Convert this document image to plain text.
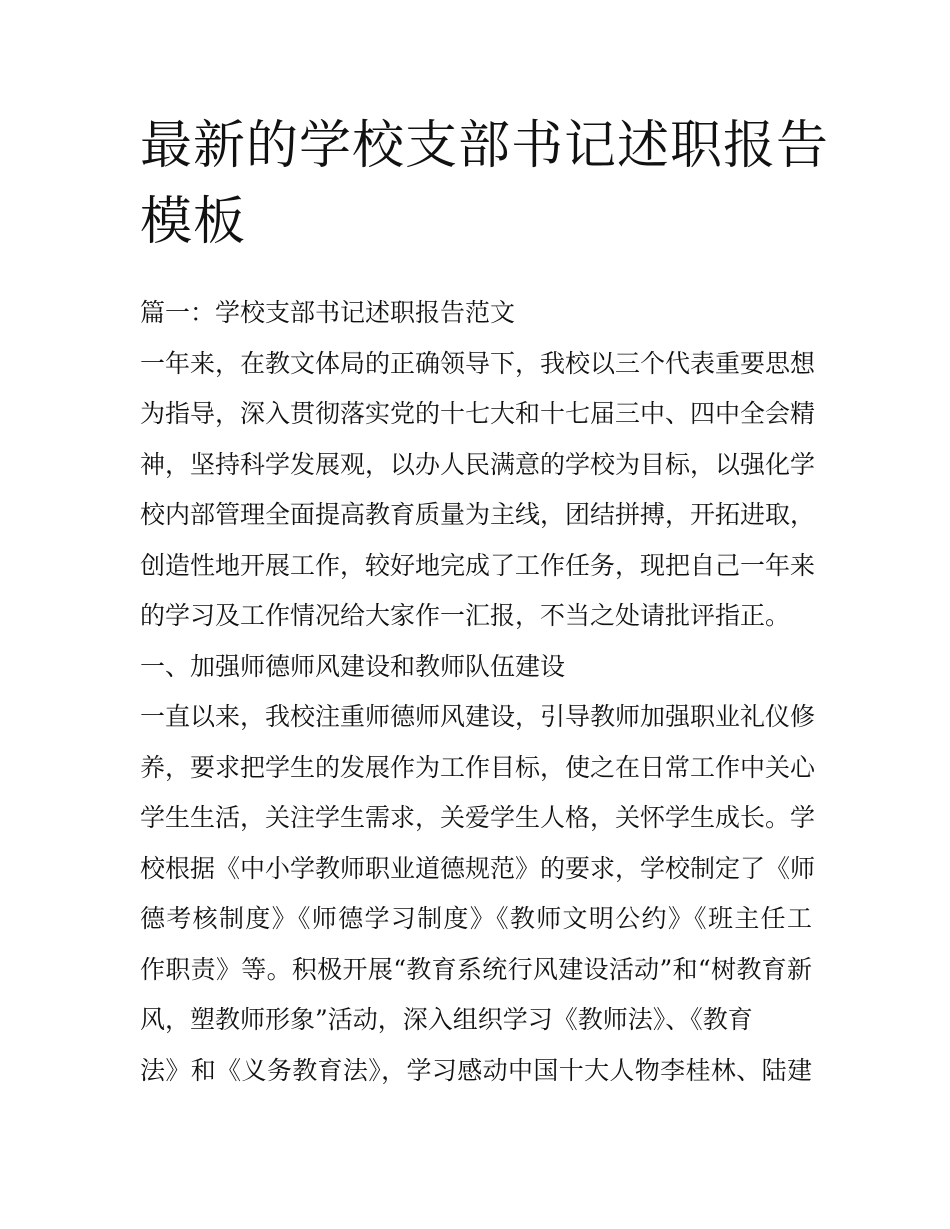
最新的学校支部书记述职报告
模板
篇一：学校支部书记述职报告范文
一年来，在教文体局的正确领导下，我校以三个代表重要思想
为指导，深入贯彻落实党的十七大和十七届三中、四中全会精
神，坚持科学发展观，以办人民满意的学校为目标，以强化学
校内部管理全面提高教育质量为主线，团结拼搏，开拓进取，
创造性地开展工作，较好地完成了工作任务，现把自己一年来
的学习及工作情况给大家作一汇报，不当之处请批评指正。
一、加强师德师风建设和教师队伍建设
一直以来，我校注重师德师风建设，引导教师加强职业礼仪修
养，要求把学生的发展作为工作目标，使之在日常工作中关心
学生生活，关注学生需求，关爱学生人格，关怀学生成长。学
校根据《中小学教师职业道德规范》的要求，学校制定了《师
德考核制度》《师德学习制度》《教师文明公约》《班主任工
作职责》等。积极开展“教育系统行风建设活动”和“树教育新
风，塑教师形象”活动，深入组织学习《教师法》、《教育
法》和《义务教育法》，学习感动中国十大人物李桂林、陆建
